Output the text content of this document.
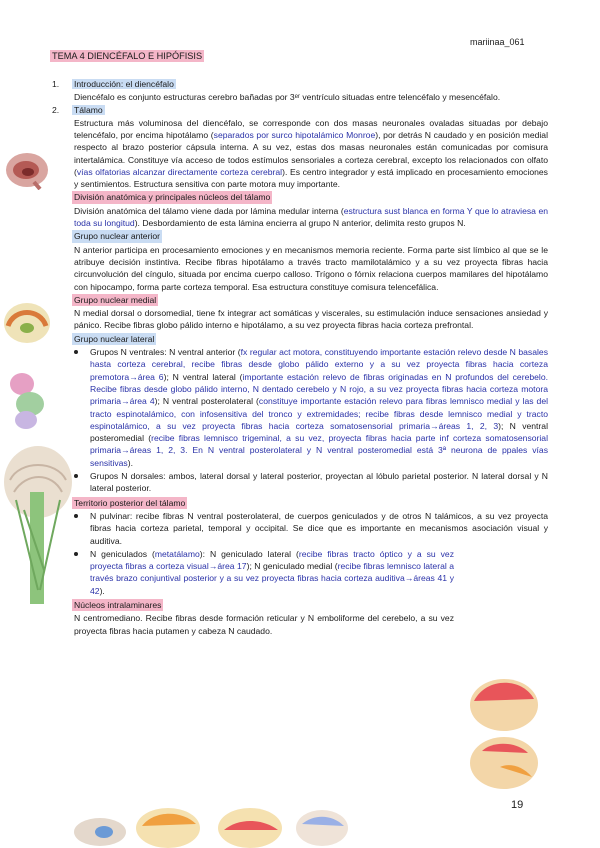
mariinaa_061
TEMA 4 DIENCÉFALO E HIPÓFISIS
1. Introducción: el diencéfalo
Diencéfalo es conjunto estructuras cerebro bañadas por 3ᵉʳ ventrículo situadas entre telencéfalo y mesencéfalo.
2. Tálamo
Estructura más voluminosa del diencéfalo, se corresponde con dos masas neuronales ovaladas situadas por debajo telencéfalo, por encima hipotálamo (separados por surco hipotalámico Monroe), por detrás N caudado y en posición medial respecto al brazo posterior cápsula interna. A su vez, estas dos masas neuronales están comunicadas por comisura intertalámica. Constituye vía acceso de todos estímulos sensoriales a corteza cerebral, excepto los relacionados con olfato (vías olfatorias alcanzar directamente corteza cerebral). Es centro integrador y está implicado en procesamiento emociones y sentimientos. Estructura sensitiva con parte motora muy importante.
División anatómica y principales núcleos del tálamo
División anatómica del tálamo viene dada por lámina medular interna (estructura sust blanca en forma Y que lo atraviesa en toda su longitud). Desbordamiento de esta lámina encierra al grupo N anterior, delimita resto grupos N.
Grupo nuclear anterior
N anterior participa en procesamiento emociones y en mecanismos memoria reciente. Forma parte sist límbico al que se le atribuye decisión instintiva. Recibe fibras hipotálamo a través tracto mamilotalámico y a su vez proyecta fibras hacia circunvolución del cíngulo, situada por encima cuerpo calloso. Trígono o fórnix relaciona cuerpos mamilares del hipotálamo con hipocampo, forma parte corteza temporal. Esa estructura constituye comisura telencefálica.
Grupo nuclear medial
N medial dorsal o dorsomedial, tiene fx integrar act somáticas y viscerales, su estimulación induce sensaciones ansiedad y pánico. Recibe fibras globo pálido interno e hipotálamo, a su vez proyecta fibras hacia corteza prefrontal.
Grupo nuclear lateral
Grupos N ventrales: N ventral anterior (fx regular act motora, constituyendo importante estación relevo desde N basales hasta corteza cerebral, recibe fibras desde globo pálido externo y a su vez proyecta fibras hacia corteza premotora→área 6); N ventral lateral (importante estación relevo de fibras originadas en N profundos del cerebelo. Recibe fibras desde globo pálido interno, N dentado cerebelo y N rojo, a su vez proyecta fibras hacia corteza motora primaria→área 4); N ventral posterolateral (constituye importante estación relevo para fibras lemnisco medial y las del tracto espinotalámico, con infosensitiva del tronco y extremidades; recibe fibras desde lemnisco medial y tracto espinotalámico, a su vez proyecta fibras hacia corteza somatosensorial primaria→áreas 1, 2, 3); N ventral posteromedial (recibe fibras lemnisco trigeminal, a su vez, proyecta fibras hacia parte inf corteza somatosensorial primaria→áreas 1, 2, 3. En N ventral posterolateral y N ventral posteromedial está 3ª neurona de ppales vías sensitivas).
Grupos N dorsales: ambos, lateral dorsal y lateral posterior, proyectan al lóbulo parietal posterior. N lateral dorsal y N lateral posterior.
Territorio posterior del tálamo
N pulvinar: recibe fibras N ventral posterolateral, de cuerpos geniculados y de otros N talámicos, a su vez proyecta fibras hacia corteza parietal, temporal y occipital. Se dice que es importante en mecanismos asociación visual y auditiva.
N geniculados (metatálamo): N geniculado lateral (recibe fibras tracto óptico y a su vez proyecta fibras a corteza visual→área 17); N geniculado medial (recibe fibras lemnisco lateral a través brazo conjuntival posterior y a su vez proyecta fibras hacia corteza auditiva→áreas 41 y 42).
Núcleos intralaminares
N centromediano. Recibe fibras desde formación reticular y N emboliforme del cerebelo, a su vez proyecta fibras hacia putamen y cabeza N caudado.
19
